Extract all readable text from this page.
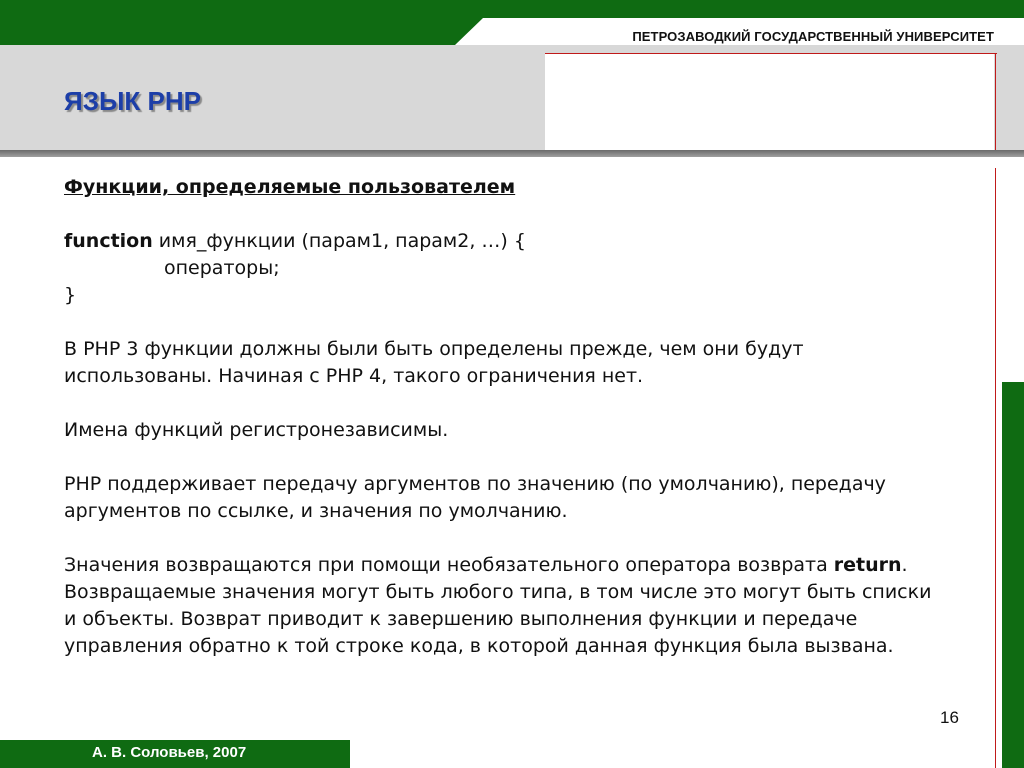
ПЕТРОЗАВОДКИЙ ГОСУДАРСТВЕННЫЙ УНИВЕРСИТЕТ
ЯЗЫК PHP

Функции, определяемые пользователем

function имя_функции (парам1, парам2, …) {

операторы;

}

В PHP 3 функции должны были быть определены прежде, чем они будут использованы. Начиная с PHP 4, такого ограничения нет.

Имена функций регистронезависимы.

PHP поддерживает передачу аргументов по значению (по умолчанию), передачу аргументов по ссылке, и значения по умолчанию.

Значения возвращаются при помощи необязательного оператора возврата return. Возвращаемые значения могут быть любого типа, в том числе это могут быть списки и объекты. Возврат приводит к завершению выполнения функции и передаче управления обратно к той строке кода, в которой данная функция была вызвана.

16
А. В. Соловьев, 2007
